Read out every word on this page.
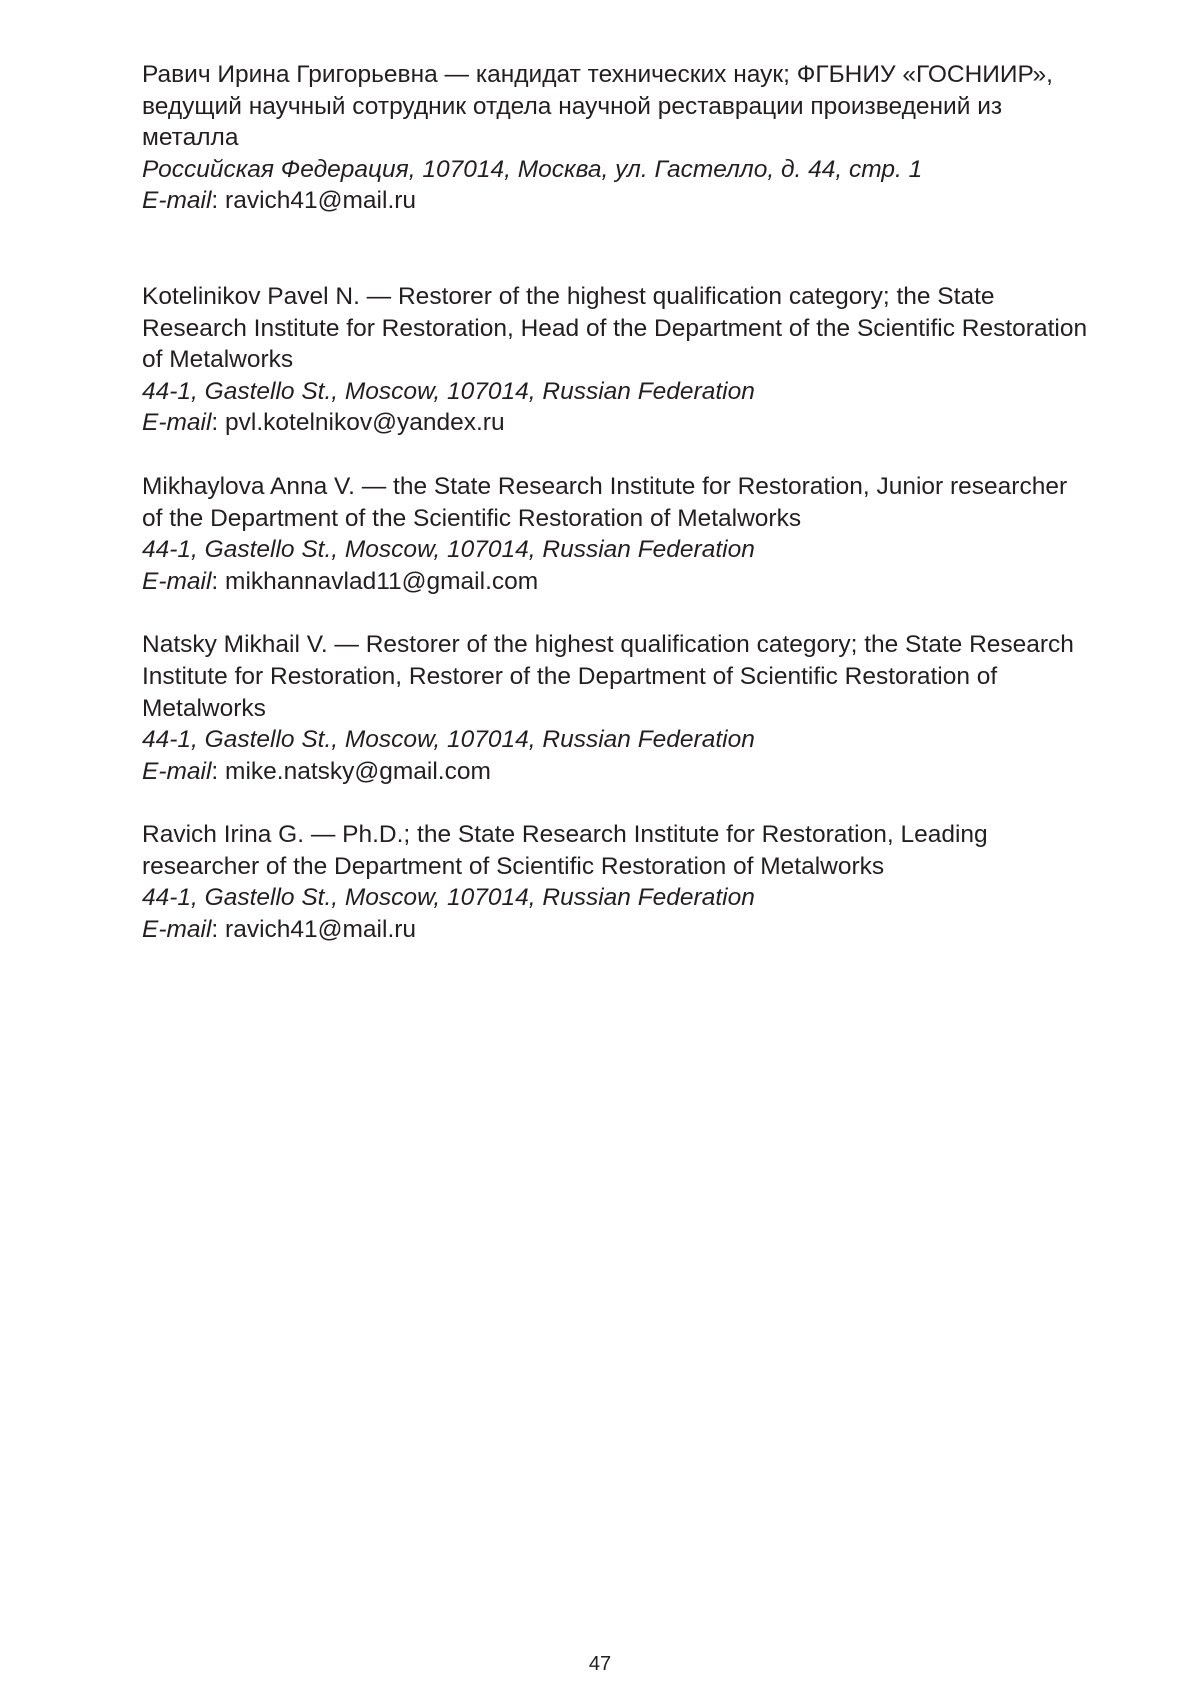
Равич Ирина Григорьевна — кандидат технических наук; ФГБНИУ «ГОСНИИР», ведущий научный сотрудник отдела научной реставрации произведений из металла

Российская Федерация, 107014, Москва, ул. Гастелло, д. 44, стр. 1

E-mail: ravich41@mail.ru

Kotelinikov Pavel N. — Restorer of the highest qualification category; the State Research Institute for Restoration, Head of the Department of the Scientific Restoration of Metalworks

44-1, Gastello St., Moscow, 107014, Russian Federation

E-mail: pvl.kotelnikov@yandex.ru

Mikhaylova Anna V. — the State Research Institute for Restoration, Junior researcher of the Department of the Scientific Restoration of Metalworks

44-1, Gastello St., Moscow, 107014, Russian Federation

E-mail: mikhannavlad11@gmail.com

Natsky Mikhail V. — Restorer of the highest qualification category; the State Research Institute for Restoration, Restorer of the Department of Scientific Restoration of Metalworks

44-1, Gastello St., Moscow, 107014, Russian Federation

E-mail: mike.natsky@gmail.com

Ravich Irina G. — Ph.D.; the State Research Institute for Restoration, Leading researcher of the Department of Scientific Restoration of Metalworks

44-1, Gastello St., Moscow, 107014, Russian Federation

E-mail: ravich41@mail.ru

47
